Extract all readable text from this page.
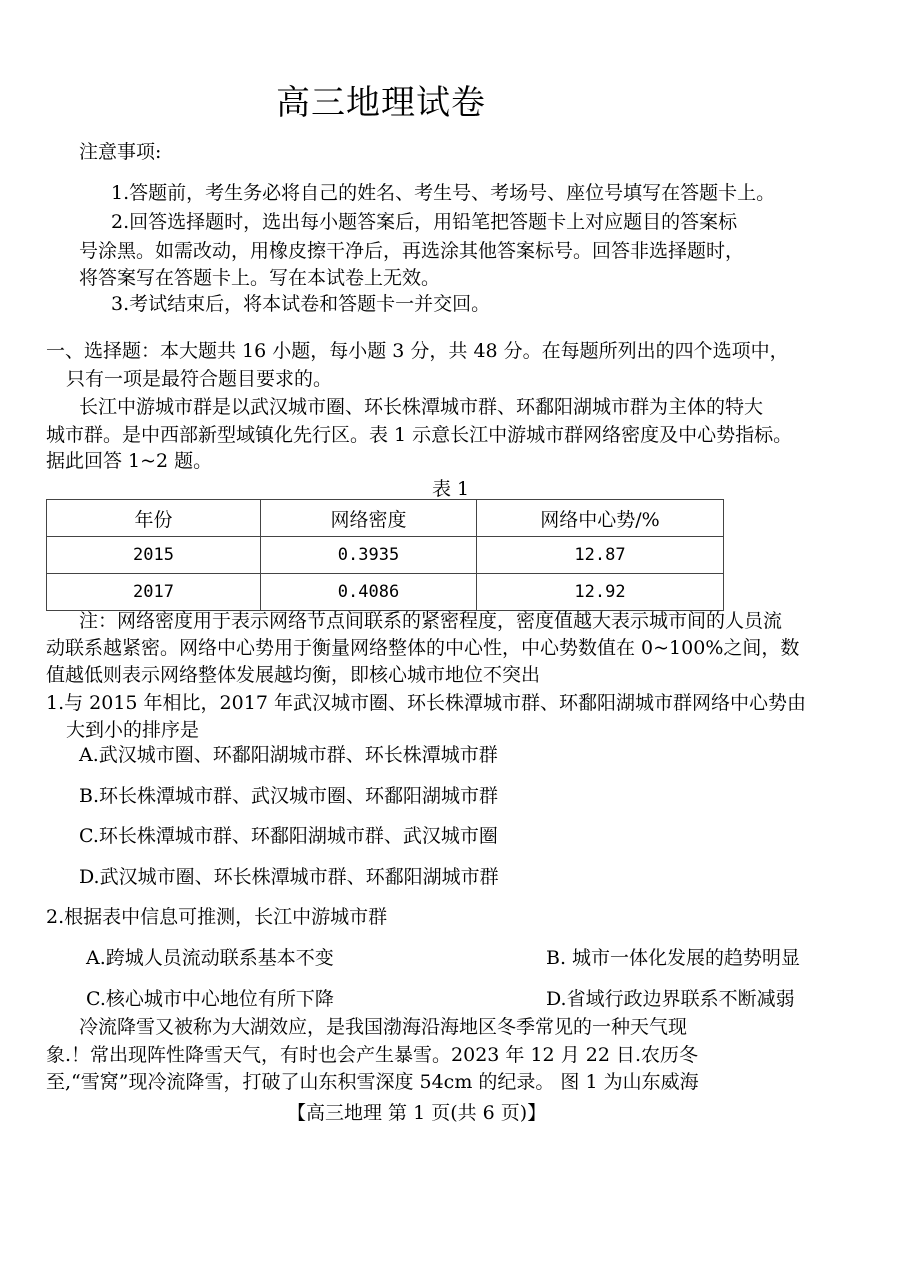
高三地理试卷
注意事项:
1.答题前，考生务必将自己的姓名、考生号、考场号、座位号填写在答题卡上。
2.回答选择题时，选出每小题答案后，用铅笔把答题卡上对应题目的答案标
号涂黑。如需改动，用橡皮擦干净后，再选涂其他答案标号。回答非选择题时，
将答案写在答题卡上。写在本试卷上无效。
3.考试结束后，将本试卷和答题卡一并交回。
一、选择题：本大题共 16 小题，每小题 3 分，共 48 分。在每题所列出的四个选项中，
只有一项是最符合题目要求的。
长江中游城市群是以武汉城市圈、环长株潭城市群、环鄱阳湖城市群为主体的特大
城市群。是中西部新型域镇化先行区。表 1 示意长江中游城市群网络密度及中心势指标。
据此回答 1~2 题。
表 1
年份	网络密度	网络中心势/%
2015	0.3935	12.87
2017	0.4086	12.92
注：网络密度用于表示网络节点间联系的紧密程度，密度值越大表示城市间的人员流
动联系越紧密。网络中心势用于衡量网络整体的中心性，中心势数值在 0~100%之间，数
值越低则表示网络整体发展越均衡，即核心城市地位不突出
1.与 2015 年相比，2017 年武汉城市圈、环长株潭城市群、环鄱阳湖城市群网络中心势由
大到小的排序是
A.武汉城市圈、环鄱阳湖城市群、环长株潭城市群
B.环长株潭城市群、武汉城市圈、环鄱阳湖城市群
C.环长株潭城市群、环鄱阳湖城市群、武汉城市圈
D.武汉城市圈、环长株潭城市群、环鄱阳湖城市群
2.根据表中信息可推测，长江中游城市群
A.跨城人员流动联系基本不变	B. 城市一体化发展的趋势明显
C.核心城市中心地位有所下降	D.省域行政边界联系不断减弱
冷流降雪又被称为大湖效应，是我国渤海沿海地区冬季常见的一种天气现
象.！常出现阵性降雪天气，有时也会产生暴雪。2023 年 12 月 22 日.农历冬
至,“雪窝”现冷流降雪，打破了山东积雪深度 54cm 的纪录。 图 1 为山东威海
【高三地理 第 1 页(共 6 页)】
